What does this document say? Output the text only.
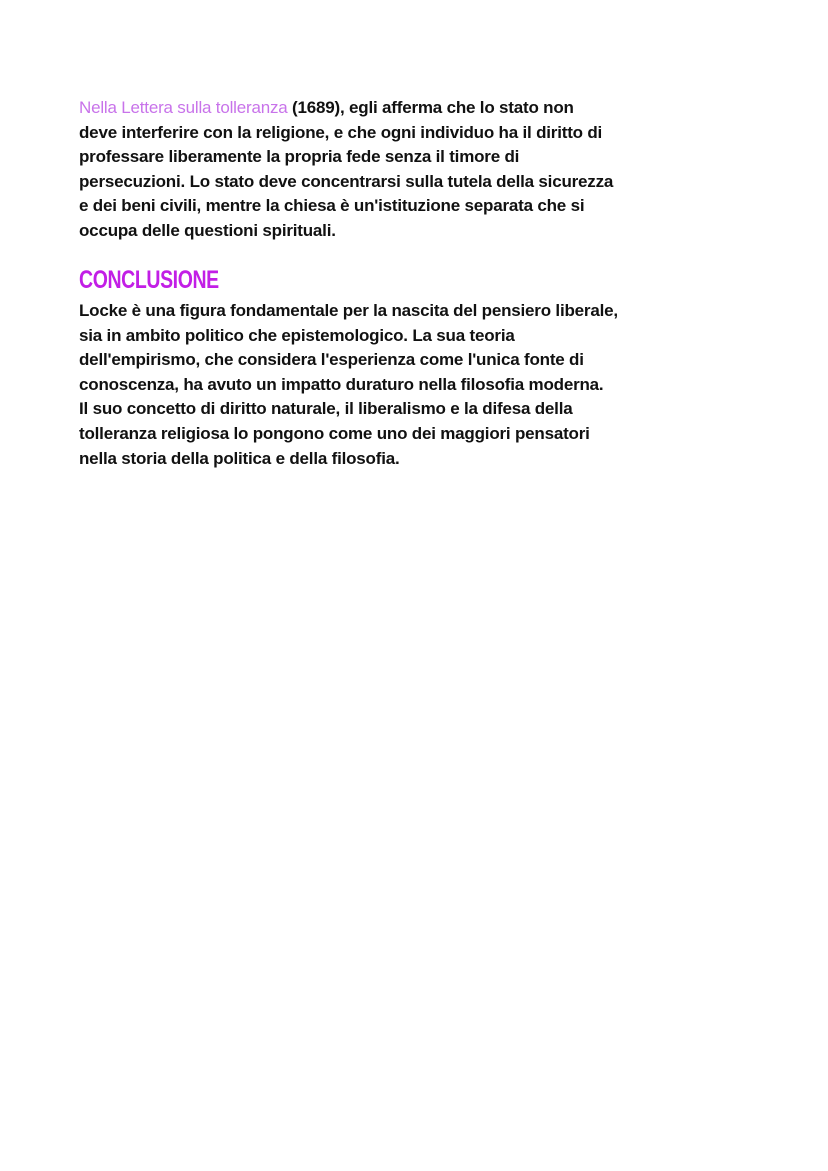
Nella Lettera sulla tolleranza (1689), egli afferma che lo stato non
deve interferire con la religione, e che ogni individuo ha il diritto di
professare liberamente la propria fede senza il timore di
persecuzioni. Lo stato deve concentrarsi sulla tutela della sicurezza
e dei beni civili, mentre la chiesa è un'istituzione separata che si
occupa delle questioni spirituali.
CONCLUSIONE
Locke è una figura fondamentale per la nascita del pensiero liberale,
sia in ambito politico che epistemologico. La sua teoria
dell'empirismo, che considera l'esperienza come l'unica fonte di
conoscenza, ha avuto un impatto duraturo nella filosofia moderna.
Il suo concetto di diritto naturale, il liberalismo e la difesa della
tolleranza religiosa lo pongono come uno dei maggiori pensatori
nella storia della politica e della filosofia.
